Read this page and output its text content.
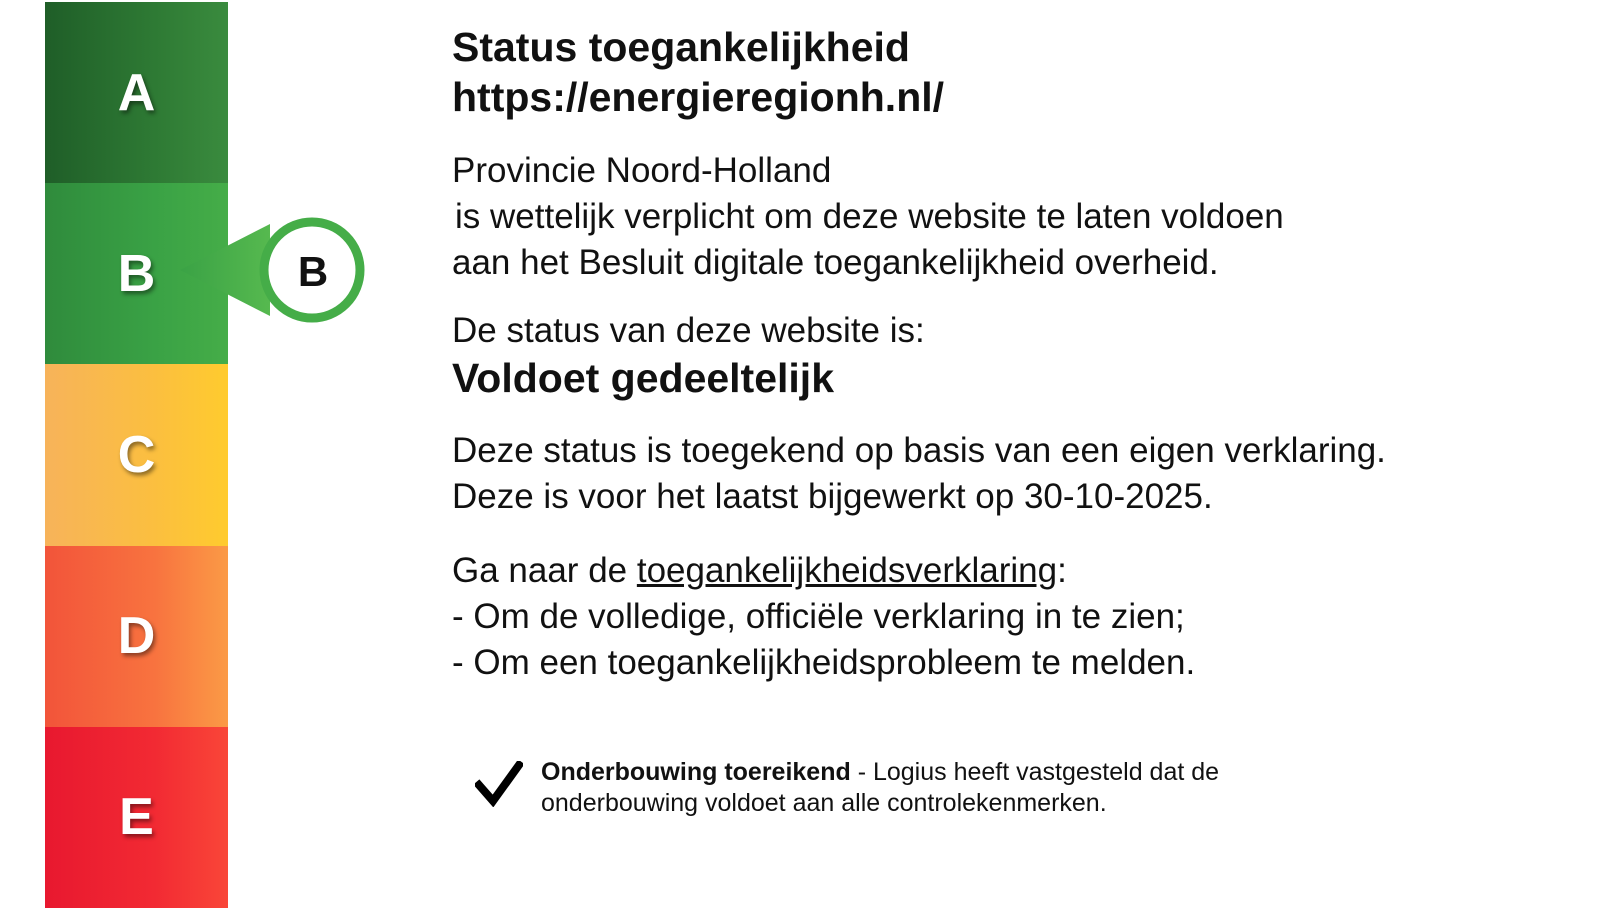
A
B
C
D
E
B

Status toegankelijkheid

https://energieregionh.nl/

Provincie Noord-Holland

is wettelijk verplicht om deze website te laten voldoen

aan het Besluit digitale toegankelijkheid overheid.

De status van deze website is:

Voldoet gedeeltelijk

Deze status is toegekend op basis van een eigen verklaring.

Deze is voor het laatst bijgewerkt op 30-10-2025.

Ga naar de toegankelijkheidsverklaring:

- Om de volledige, officiële verklaring in te zien;

- Om een toegankelijkheidsprobleem te melden.

Onderbouwing toereikend - Logius heeft vastgesteld dat de onderbouwing voldoet aan alle controlekenmerken.
